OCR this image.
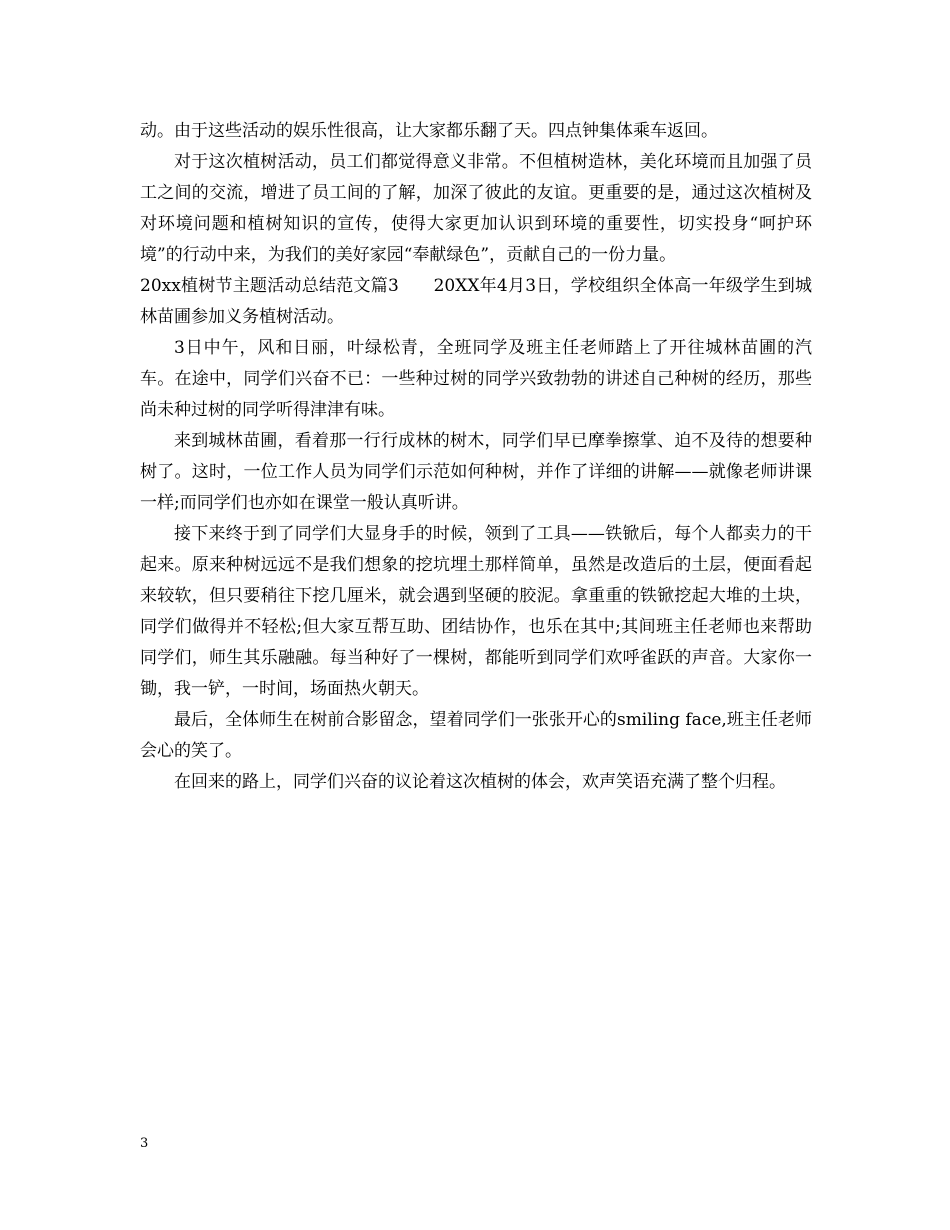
动。由于这些活动的娱乐性很高，让大家都乐翻了天。四点钟集体乘车返回。

对于这次植树活动，员工们都觉得意义非常。不但植树造林，美化环境而且加强了员工之间的交流，增进了员工间的了解，加深了彼此的友谊。更重要的是，通过这次植树及对环境问题和植树知识的宣传，使得大家更加认识到环境的重要性，切实投身“呵护环境”的行动中来，为我们的美好家园“奉献绿色”，贡献自己的一份力量。

20xx植树节主题活动总结范文篇3　　20XX年4月3日，学校组织全体高一年级学生到城林苗圃参加义务植树活动。

3日中午，风和日丽，叶绿松青，全班同学及班主任老师踏上了开往城林苗圃的汽车。在途中，同学们兴奋不已：一些种过树的同学兴致勃勃的讲述自己种树的经历，那些尚未种过树的同学听得津津有味。

来到城林苗圃，看着那一行行成林的树木，同学们早已摩拳擦掌、迫不及待的想要种树了。这时，一位工作人员为同学们示范如何种树，并作了详细的讲解——就像老师讲课一样;而同学们也亦如在课堂一般认真听讲。

接下来终于到了同学们大显身手的时候，领到了工具——铁锨后，每个人都卖力的干起来。原来种树远远不是我们想象的挖坑埋土那样简单，虽然是改造后的土层，便面看起来较软，但只要稍往下挖几厘米，就会遇到坚硬的胶泥。拿重重的铁锨挖起大堆的土块，同学们做得并不轻松;但大家互帮互助、团结协作，也乐在其中;其间班主任老师也来帮助同学们，师生其乐融融。每当种好了一棵树，都能听到同学们欢呼雀跃的声音。大家你一锄，我一铲，一时间，场面热火朝天。

最后，全体师生在树前合影留念，望着同学们一张张开心的smiling face,班主任老师会心的笑了。

在回来的路上，同学们兴奋的议论着这次植树的体会，欢声笑语充满了整个归程。

3
